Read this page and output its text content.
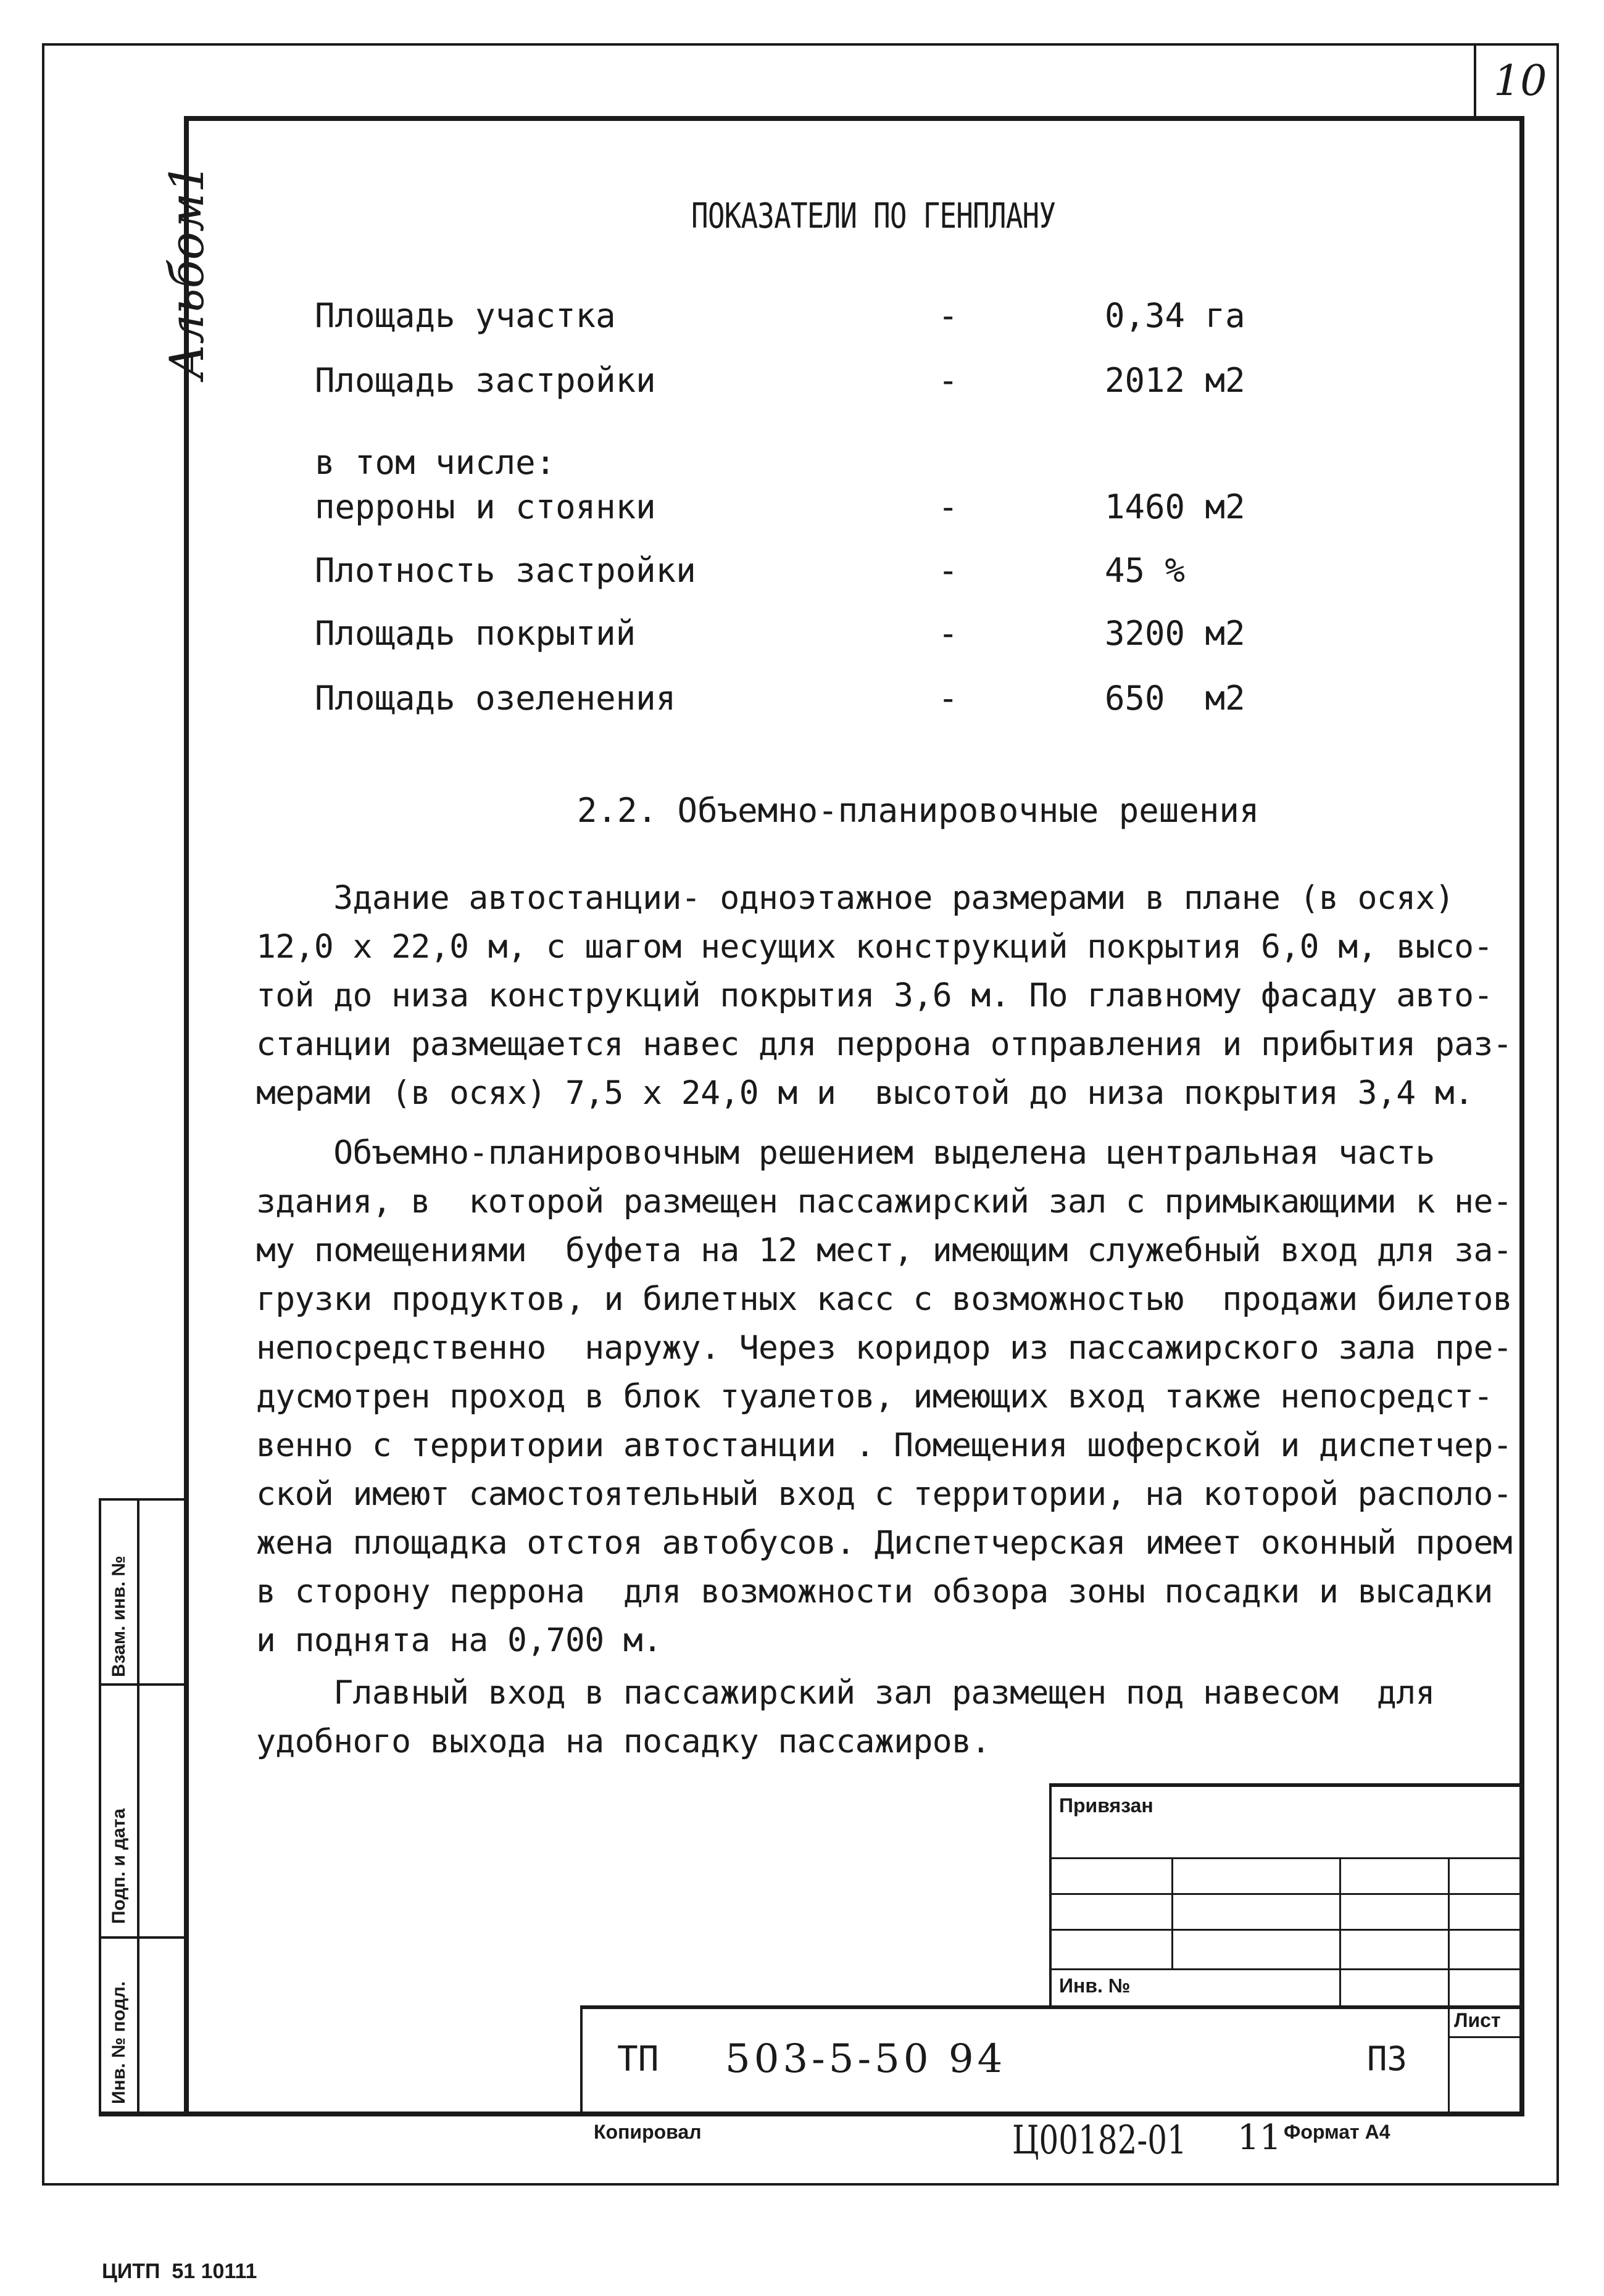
10
Альбом1	ПОКАЗАТЕЛИ ПО ГЕНПЛАНУ
Площадь участка	-	0,34 га
Площадь застройки	-	2012 м2
в том числе:
перроны и стоянки	-	1460 м2
Плотность застройки	-	45 %
Площадь покрытий	-	3200 м2
Площадь озеленения	-	650  м2
2.2. Объемно-планировочные решения
Здание автостанции- одноэтажное размерами в плане (в осях)
12,0 х 22,0 м, с шагом несущих конструкций покрытия 6,0 м, высо-
той до низа конструкций покрытия 3,6 м. По главному фасаду авто-
станции размещается навес для перрона отправления и прибытия раз-
мерами (в осях) 7,5 х 24,0 м и  высотой до низа покрытия 3,4 м.
Объемно-планировочным решением выделена центральная часть
здания, в  которой размещен пассажирский зал с примыкающими к не-
му помещениями  буфета на 12 мест, имеющим служебный вход для за-
грузки продуктов, и билетных касс с возможностью  продажи билетов
непосредственно  наружу. Через коридор из пассажирского зала пре-
дусмотрен проход в блок туалетов, имеющих вход также непосредст-
венно с территории автостанции . Помещения шоферской и диспетчер-
ской имеют самостоятельный вход с территории, на которой располо-
жена площадка отстоя автобусов. Диспетчерская имеет оконный проем
в сторону перрона  для возможности обзора зоны посадки и высадки
и поднята на 0,700 м.
Главный вход в пассажирский зал размещен под навесом  для
удобного выхода на посадку пассажиров.
Взам. инв. №
Подп. и дата
Инв. № подл.
Привязан
Инв. №
Лист
ТП 503-5-50 94	ПЗ
Копировал	Ц00182-01 11 Формат А4
ЦИТП  51 10111
